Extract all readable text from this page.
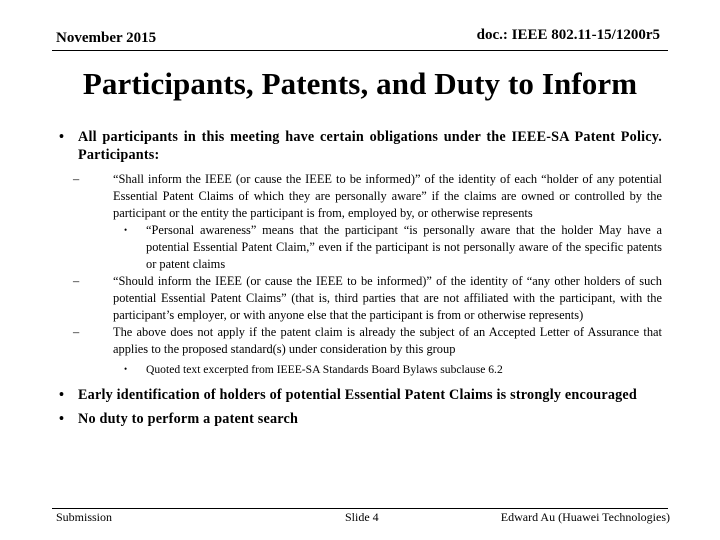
November 2015	doc.: IEEE 802.11-15/1200r5
Participants, Patents, and Duty to Inform
• All participants in this meeting have certain obligations under the IEEE-SA Patent Policy. Participants:
–	“Shall inform the IEEE (or cause the IEEE to be informed)” of the identity of each “holder of any potential Essential Patent Claims of which they are personally aware” if the claims are owned or controlled by the participant or the entity the participant is from, employed by, or otherwise represents
• “Personal awareness” means that the participant “is personally aware that the holder May have a potential Essential Patent Claim,” even if the participant is not personally aware of the specific patents or patent claims
–	“Should inform the IEEE (or cause the IEEE to be informed)” of the identity of “any other holders of such potential Essential Patent Claims” (that is, third parties that are not affiliated with the participant, with the participant’s employer, or with anyone else that the participant is from or otherwise represents)
–	The above does not apply if the patent claim is already the subject of an Accepted Letter of Assurance that applies to the proposed standard(s) under consideration by this group
• Quoted text excerpted from IEEE-SA Standards Board Bylaws subclause 6.2
• Early identification of holders of potential Essential Patent Claims is strongly encouraged
• No duty to perform a patent search
Submission	Slide 4	Edward Au (Huawei Technologies)
